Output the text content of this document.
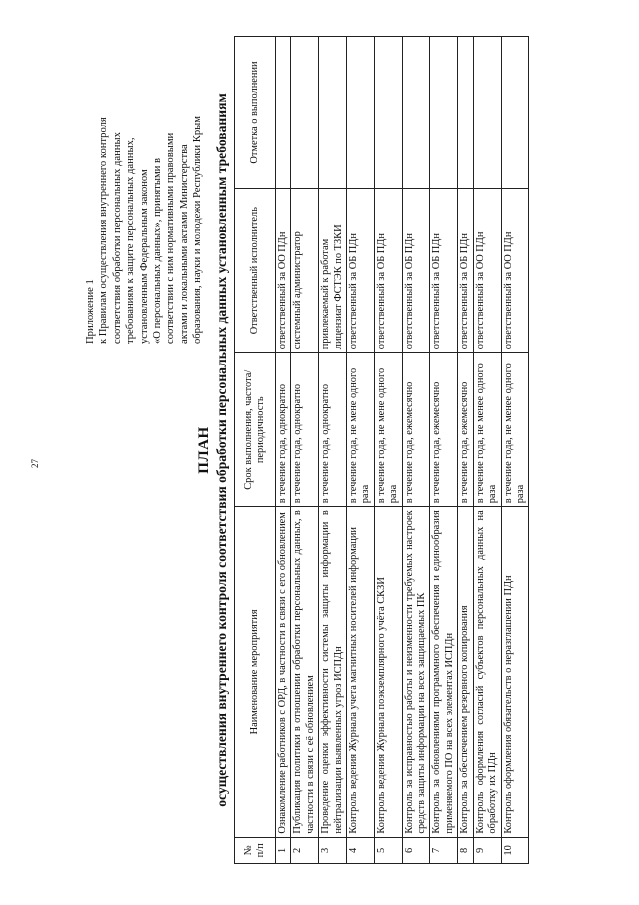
27
Приложение 1 к Правилам осуществления внутреннего контроля соответствия обработки персональных данных требованиям к защите персональных данных, установленным Федеральным законом «О персональных данных», принятыми в соответствии с ним нормативными правовыми актами и локальными актами Министерства образования, науки и молодежи Республики Крым
ПЛАН осуществления внутреннего контроля соответствия обработки персональных данных установленным требованиям
№ п/п	Наименование мероприятия	Срок выполнения, частота/периодичность	Ответственный исполнитель	Отметка о выполнении
1	Ознакомление работников с ОРД, в частности в связи с его обновлением	в течение года, однократно	ответственный за ОО ПДн	
2	Публикация политики в отношении обработки персональных данных, в частности в связи с её обновлением	в течение года, однократно	системный администратор	
3	Проведение оценки эффективности системы защиты информации в нейтрализации выявленных угроз ИСПДн	в течение года, однократно	привлекаемый к работам лицензиат ФСТЭК по ТЗКИ	
4	Контроль ведения Журнала учета магнитных носителей информации	в течение года, не мене одного раза	ответственный за ОБ ПДн	
5	Контроль ведения Журнала поэкземплярного учёта СКЗИ	в течение года, не мене одного раза	ответственный за ОБ ПДн	
6	Контроль за исправностью работы и неизменности требуемых настроек средств защиты информации на всех защищаемых ПК	в течение года, ежемесячно	ответственный за ОБ ПДн	
7	Контроль за обновлениями программного обеспечения и единообразия применяемого ПО на всех элементах ИСПДн	в течение года, ежемесячно	ответственный за ОБ ПДн	
8	Контроль за обеспечением резервного копирования	в течение года, ежемесячно	ответственный за ОБ ПДн	
9	Контроль оформления согласий субъектов персональных данных на обработку их ПДн	в течение года, не менее одного раза	ответственный за ОО ПДн	
10	Контроль оформления обязательств о неразглашении ПДн	в течение года, не менее одного раза	ответственный за ОО ПДн	
